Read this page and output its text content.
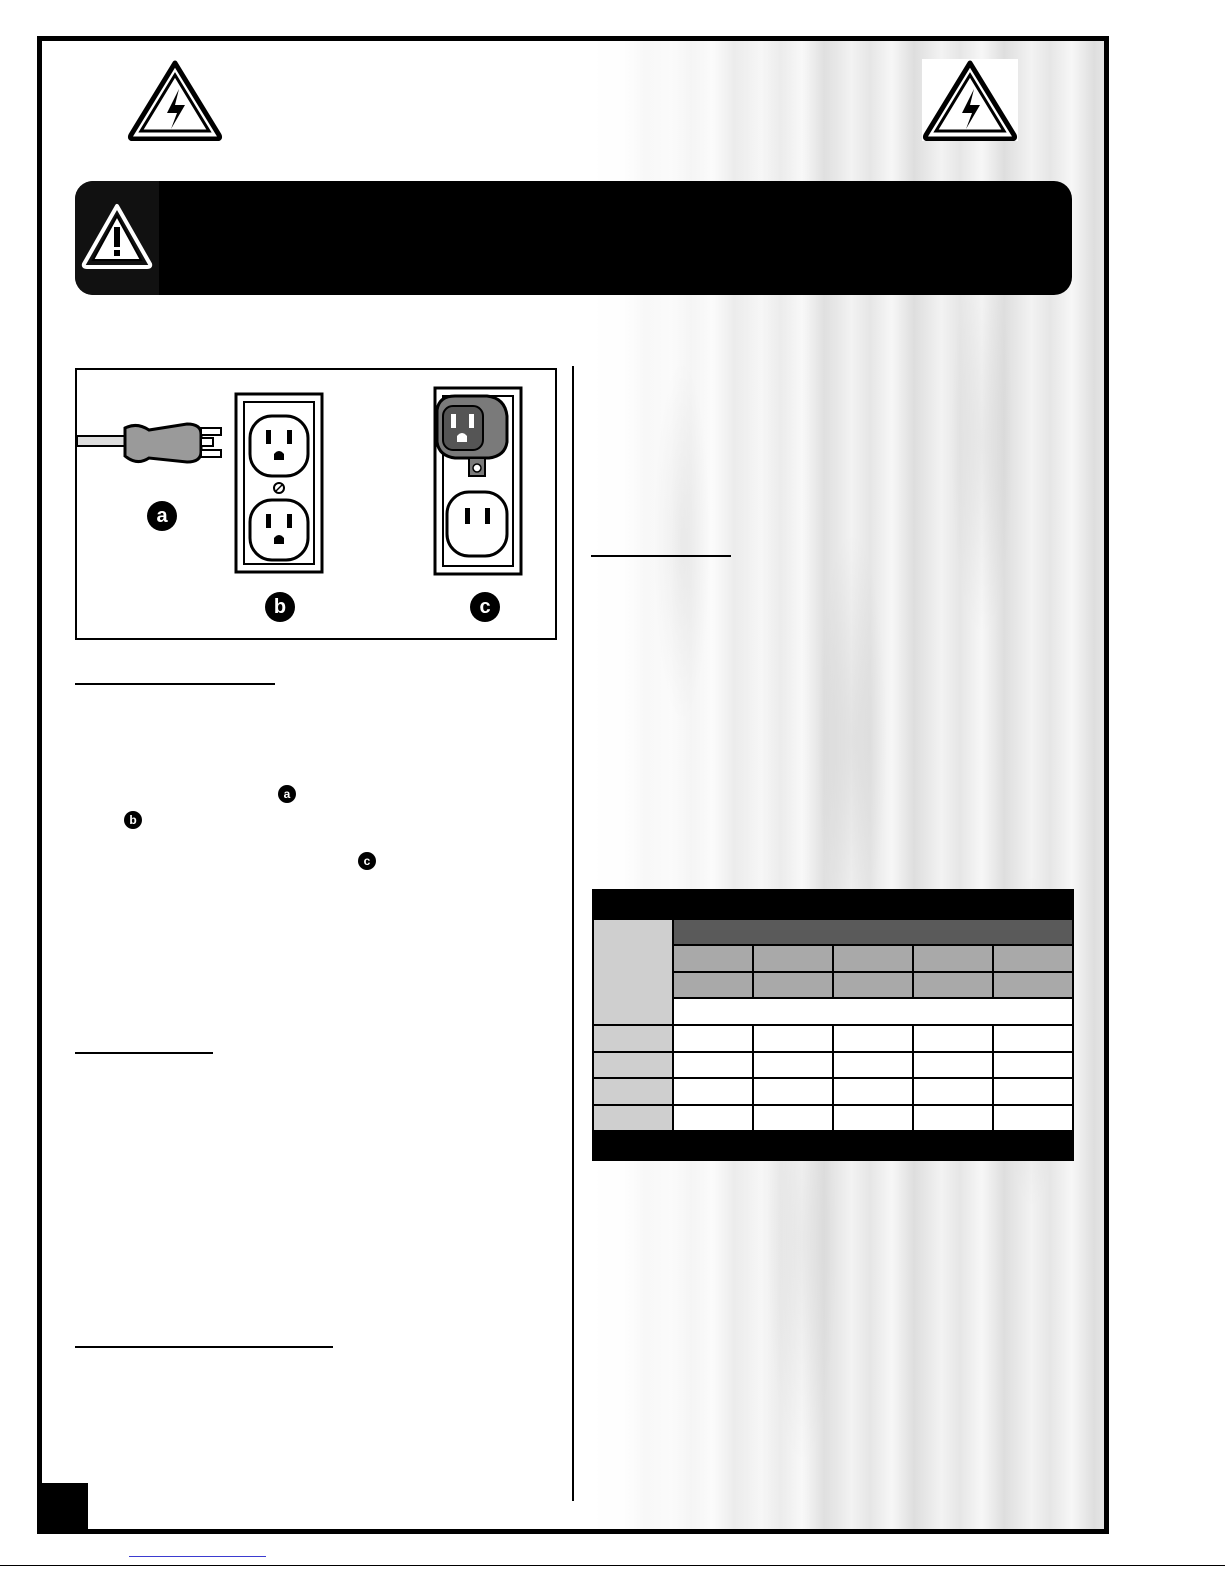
a
b	c
a
b
c
